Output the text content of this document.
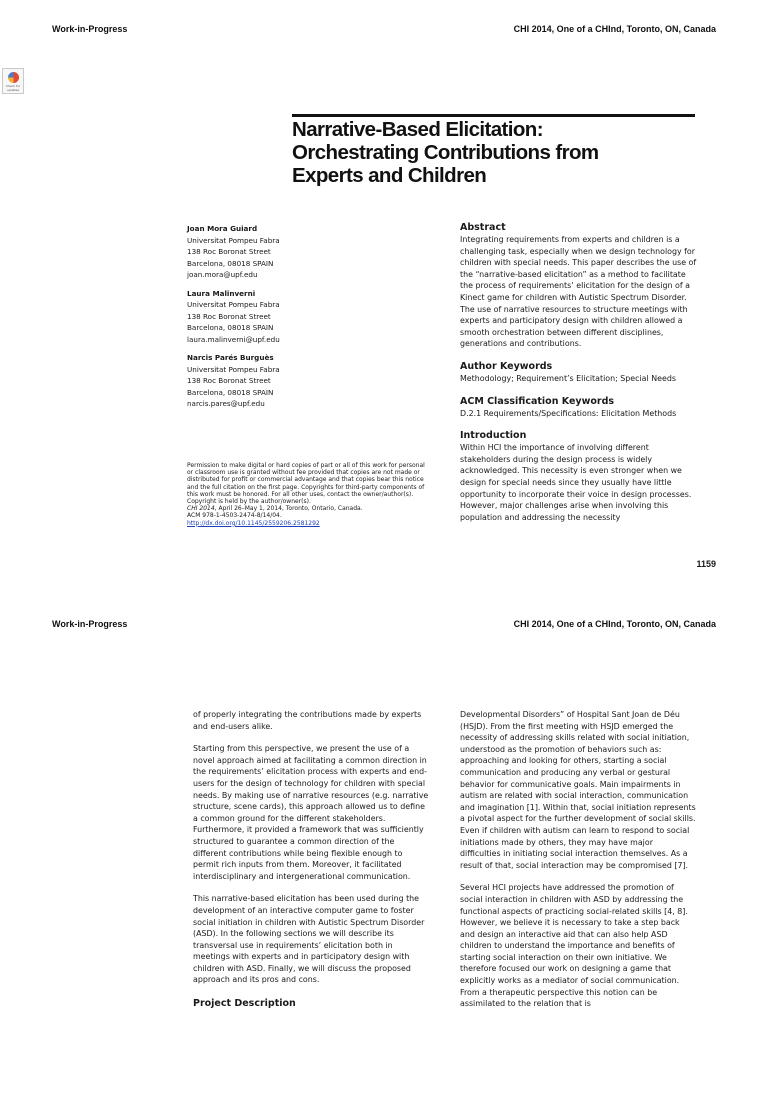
Work-in-Progress	CHI 2014, One of a CHInd, Toronto, ON, Canada
Check for updates
Narrative-Based Elicitation:
Orchestrating Contributions from
Experts and Children
Joan Mora Guiard
Universitat Pompeu Fabra
138 Roc Boronat Street
Barcelona, 08018 SPAIN
joan.mora@upf.edu
Laura Malinverni
Universitat Pompeu Fabra
138 Roc Boronat Street
Barcelona, 08018 SPAIN
laura.malinverni@upf.edu
Narcis Parés Burguès
Universitat Pompeu Fabra
138 Roc Boronat Street
Barcelona, 08018 SPAIN
narcis.pares@upf.edu
Permission to make digital or hard copies of part or all of this work for personal
or classroom use is granted without fee provided that copies are not made or
distributed for profit or commercial advantage and that copies bear this notice
and the full citation on the first page. Copyrights for third-party components of
this work must be honored. For all other uses, contact the owner/author(s).
Copyright is held by the author/owner(s).
CHI 2014, April 26–May 1, 2014, Toronto, Ontario, Canada.
ACM 978-1-4503-2474-8/14/04.
http://dx.doi.org/10.1145/2559206.2581292
Abstract

Integrating requirements from experts and children is a challenging task, especially when we design technology for children with special needs. This paper describes the use of the “narrative-based elicitation” as a method to facilitate the process of requirements’ elicitation for the design of a Kinect game for children with Autistic Spectrum Disorder. The use of narrative resources to structure meetings with experts and participatory design with children allowed a smooth orchestration between different disciplines, generations and contributions.

Author Keywords

Methodology; Requirement’s Elicitation; Special Needs

ACM Classification Keywords

D.2.1 Requirements/Specifications: Elicitation Methods

Introduction

Within HCI the importance of involving different stakeholders during the design process is widely acknowledged. This necessity is even stronger when we design for special needs since they usually have little opportunity to incorporate their voice in design processes. However, major challenges arise when involving this population and addressing the necessity

1159
Work-in-Progress	CHI 2014, One of a CHInd, Toronto, ON, Canada

of properly integrating the contributions made by experts and end-users alike.

Starting from this perspective, we present the use of a novel approach aimed at facilitating a common direction in the requirements’ elicitation process with experts and end-users for the design of technology for children with special needs. By making use of narrative resources (e.g. narrative structure, scene cards), this approach allowed us to define a common ground for the different stakeholders. Furthermore, it provided a framework that was sufficiently structured to guarantee a common direction of the different contributions while being flexible enough to permit rich inputs from them. Moreover, it facilitated interdisciplinary and intergenerational communication.

This narrative-based elicitation has been used during the development of an interactive computer game to foster social initiation in children with Autistic Spectrum Disorder (ASD). In the following sections we will describe its transversal use in requirements’ elicitation both in meetings with experts and in participatory design with children with ASD. Finally, we will discuss the proposed approach and its pros and cons.

Project Description

Developmental Disorders” of Hospital Sant Joan de Déu (HSJD). From the first meeting with HSJD emerged the necessity of addressing skills related with social initiation, understood as the promotion of behaviors such as: approaching and looking for others, starting a social communication and producing any verbal or gestural behavior for communicative goals. Main impairments in autism are related with social interaction, communication and imagination [1]. Within that, social initiation represents a pivotal aspect for the further development of social skills. Even if children with autism can learn to respond to social initiations made by others, they may have major difficulties in initiating social interaction themselves. As a result of that, social interaction may be compromised [7].

Several HCI projects have addressed the promotion of social interaction in children with ASD by addressing the functional aspects of practicing social-related skills [4, 8]. However, we believe it is necessary to take a step back and design an interactive aid that can also help ASD children to understand the importance and benefits of starting social interaction on their own initiative. We therefore focused our work on designing a game that explicitly works as a mediator of social communication. From a therapeutic perspective this notion can be assimilated to the relation that is
